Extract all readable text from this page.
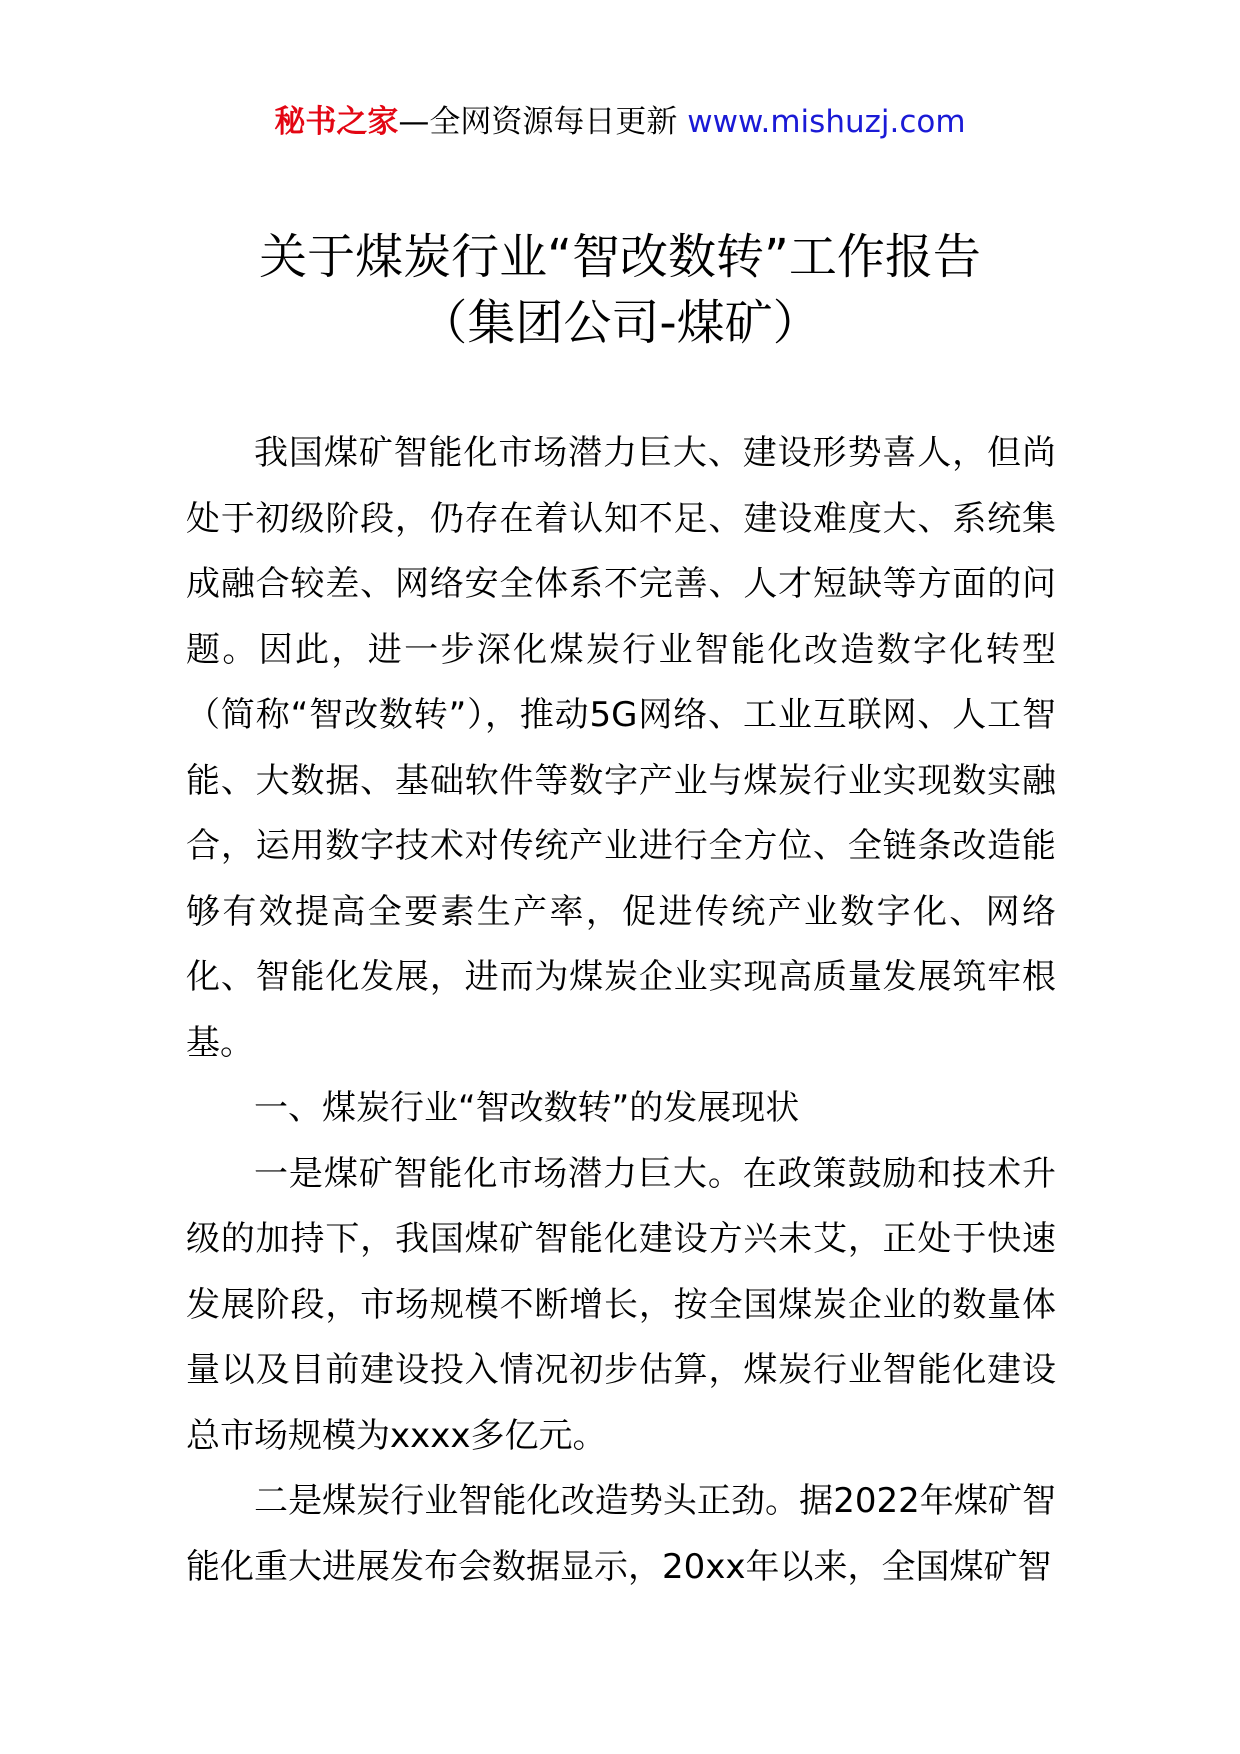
秘书之家—全网资源每日更新 www.mishuzj.com
关于煤炭行业“智改数转”工作报告
（集团公司-煤矿）

我国煤矿智能化市场潜力巨大、建设形势喜人，但尚处于初级阶段，仍存在着认知不足、建设难度大、系统集成融合较差、网络安全体系不完善、人才短缺等方面的问题。因此，进一步深化煤炭行业智能化改造数字化转型（简称“智改数转”），推动5G网络、工业互联网、人工智能、大数据、基础软件等数字产业与煤炭行业实现数实融合，运用数字技术对传统产业进行全方位、全链条改造能够有效提高全要素生产率，促进传统产业数字化、网络化、智能化发展，进而为煤炭企业实现高质量发展筑牢根基。

一、煤炭行业“智改数转”的发展现状

一是煤矿智能化市场潜力巨大。在政策鼓励和技术升级的加持下，我国煤矿智能化建设方兴未艾，正处于快速发展阶段，市场规模不断增长，按全国煤炭企业的数量体量以及目前建设投入情况初步估算，煤炭行业智能化建设总市场规模为xxxx多亿元。

二是煤炭行业智能化改造势头正劲。据2022年煤矿智能化重大进展发布会数据显示，20xx年以来，全国煤矿智
